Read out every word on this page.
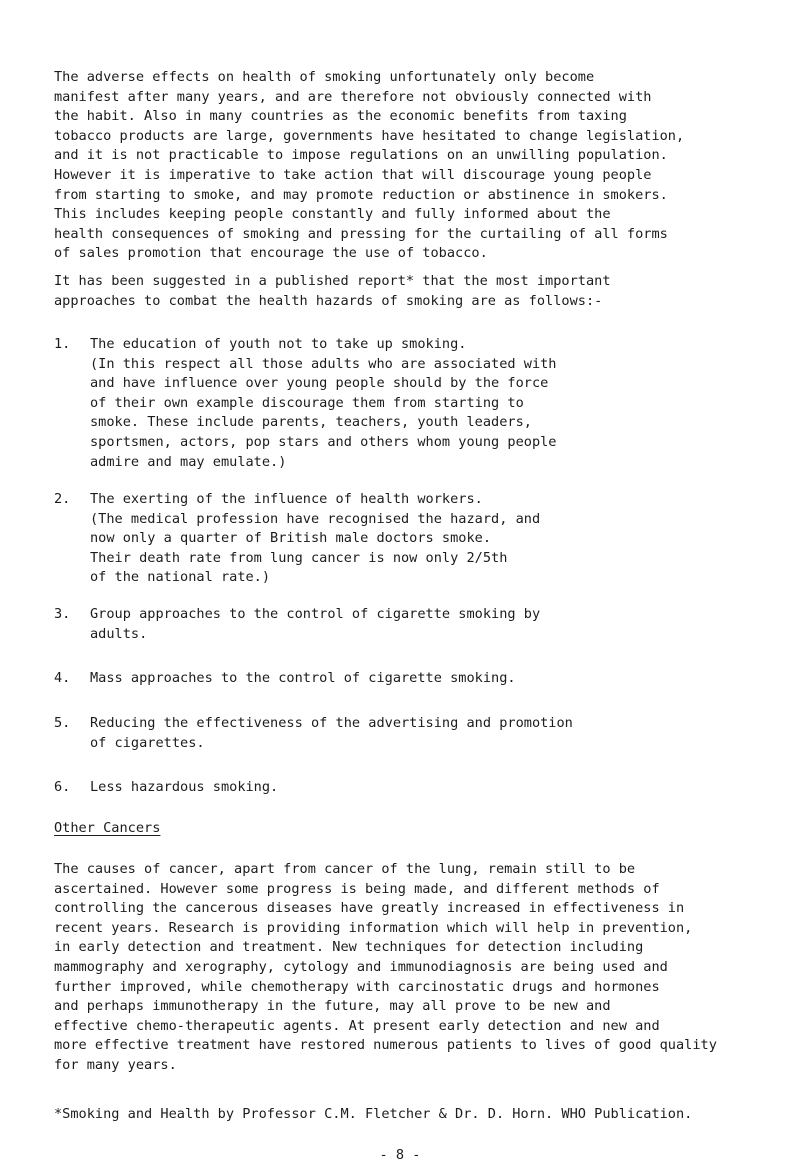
The adverse effects on health of smoking unfortunately only become
manifest after many years, and are therefore not obviously connected with
the habit. Also in many countries as the economic benefits from taxing
tobacco products are large, governments have hesitated to change legislation,
and it is not practicable to impose regulations on an unwilling population.
However it is imperative to take action that will discourage young people
from starting to smoke, and may promote reduction or abstinence in smokers.
This includes keeping people constantly and fully informed about the
health consequences of smoking and pressing for the curtailing of all forms
of sales promotion that encourage the use of tobacco.

It has been suggested in a published report* that the most important
approaches to combat the health hazards of smoking are as follows:-

1.	The education of youth not to take up smoking.
(In this respect all those adults who are associated with
and have influence over young people should by the force
of their own example discourage them from starting to
smoke. These include parents, teachers, youth leaders,
sportsmen, actors, pop stars and others whom young people
admire and may emulate.)
2.	The exerting of the influence of health workers.
(The medical profession have recognised the hazard, and
now only a quarter of British male doctors smoke.
Their death rate from lung cancer is now only 2/5th
of the national rate.)
3.	Group approaches to the control of cigarette smoking by
adults.
4.	Mass approaches to the control of cigarette smoking.
5.	Reducing the effectiveness of the advertising and promotion
of cigarettes.
6.	Less hazardous smoking.

Other Cancers

The causes of cancer, apart from cancer of the lung, remain still to be
ascertained. However some progress is being made, and different methods of
controlling the cancerous diseases have greatly increased in effectiveness in
recent years. Research is providing information which will help in prevention,
in early detection and treatment. New techniques for detection including
mammography and xerography, cytology and immunodiagnosis are being used and
further improved, while chemotherapy with carcinostatic drugs and hormones
and perhaps immunotherapy in the future, may all prove to be new and
effective chemo-therapeutic agents. At present early detection and new and
more effective treatment have restored numerous patients to lives of good quality
for many years.

*Smoking and Health by Professor C.M. Fletcher & Dr. D. Horn. WHO Publication.

- 8 -
